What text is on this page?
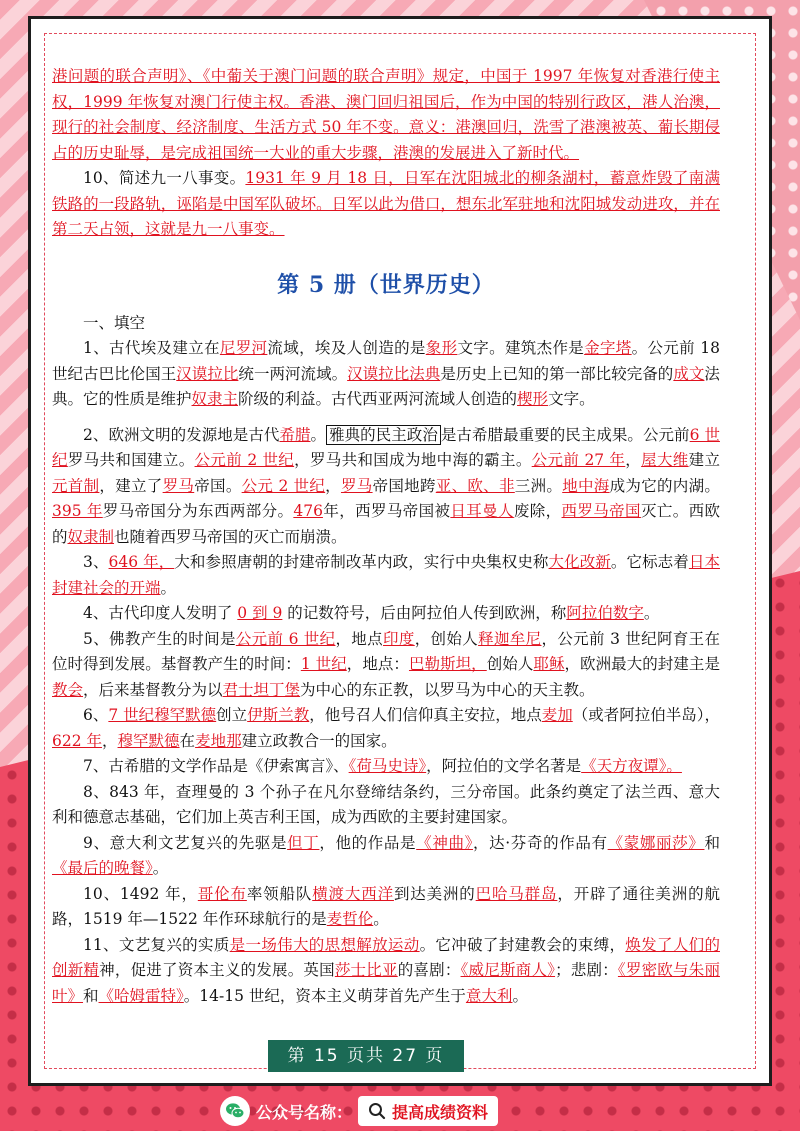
港问题的联合声明》、《中葡关于澳门问题的联合声明》规定，中国于 1997 年恢复对香港行使主权，1999 年恢复对澳门行使主权。香港、澳门回归祖国后，作为中国的特别行政区，港人治澳，现行的社会制度、经济制度、生活方式 50 年不变。意义：港澳回归，洗雪了港澳被英、葡长期侵占的历史耻辱，是完成祖国统一大业的重大步骤，港澳的发展进入了新时代。

10、简述九一八事变。1931 年 9 月 18 日，日军在沈阳城北的柳条湖村，蓄意炸毁了南满铁路的一段路轨，诬陷是中国军队破坏。日军以此为借口，想东北军驻地和沈阳城发动进攻，并在第二天占领，这就是九一八事变。

第 5 册（世界历史）

一、填空

1、古代埃及建立在尼罗河流域，埃及人创造的是象形文字。建筑杰作是金字塔。公元前 18 世纪古巴比伦国王汉谟拉比统一两河流域。汉谟拉比法典是历史上已知的第一部比较完备的成文法典。它的性质是维护奴隶主阶级的利益。古代西亚两河流域人创造的楔形文字。

2、欧洲文明的发源地是古代希腊。 雅典的民主政治 是古希腊最重要的民主成果。公元前6 世纪罗马共和国建立。公元前 2 世纪，罗马共和国成为地中海的霸主。公元前 27 年，屋大维建立元首制，建立了罗马帝国。公元 2 世纪，罗马帝国地跨亚、欧、非三洲。地中海成为它的内湖。395 年罗马帝国分为东西两部分。476年，西罗马帝国被日耳曼人废除，西罗马帝国灭亡。西欧的奴隶制也随着西罗马帝国的灭亡而崩溃。

3、646 年，大和参照唐朝的封建帝制改革内政，实行中央集权史称大化改新。它标志着日本封建社会的开端。

4、古代印度人发明了 0 到 9 的记数符号，后由阿拉伯人传到欧洲，称阿拉伯数字。

5、佛教产生的时间是公元前 6 世纪，地点印度，创始人释迦牟尼，公元前 3 世纪阿育王在位时得到发展。基督教产生的时间：1 世纪，地点：巴勒斯坦，创始人耶稣，欧洲最大的封建主是教会，后来基督教分为以君士坦丁堡为中心的东正教，以罗马为中心的天主教。

6、7 世纪穆罕默德创立伊斯兰教，他号召人们信仰真主安拉，地点麦加（或者阿拉伯半岛），622 年，穆罕默德在麦地那建立政教合一的国家。

7、古希腊的文学作品是《伊索寓言》、《荷马史诗》，阿拉伯的文学名著是《天方夜谭》。

8、843 年，查理曼的 3 个孙子在凡尔登缔结条约，三分帝国。此条约奠定了法兰西、意大利和德意志基础，它们加上英吉利王国，成为西欧的主要封建国家。

9、意大利文艺复兴的先驱是但丁，他的作品是《神曲》，达·芬奇的作品有《蒙娜丽莎》和《最后的晚餐》。

10、1492 年，哥伦布率领船队横渡大西洋到达美洲的巴哈马群岛，开辟了通往美洲的航路，1519 年—1522 年作环球航行的是麦哲伦。

11、文艺复兴的实质是一场伟大的思想解放运动。它冲破了封建教会的束缚，焕发了人们的创新精神，促进了资本主义的发展。英国莎士比亚的喜剧：《威尼斯商人》；悲剧：《罗密欧与朱丽叶》和《哈姆雷特》。14-15 世纪，资本主义萌芽首先产生于意大利。

第 15 页共 27 页
公众号名称：	提高成绩资料
